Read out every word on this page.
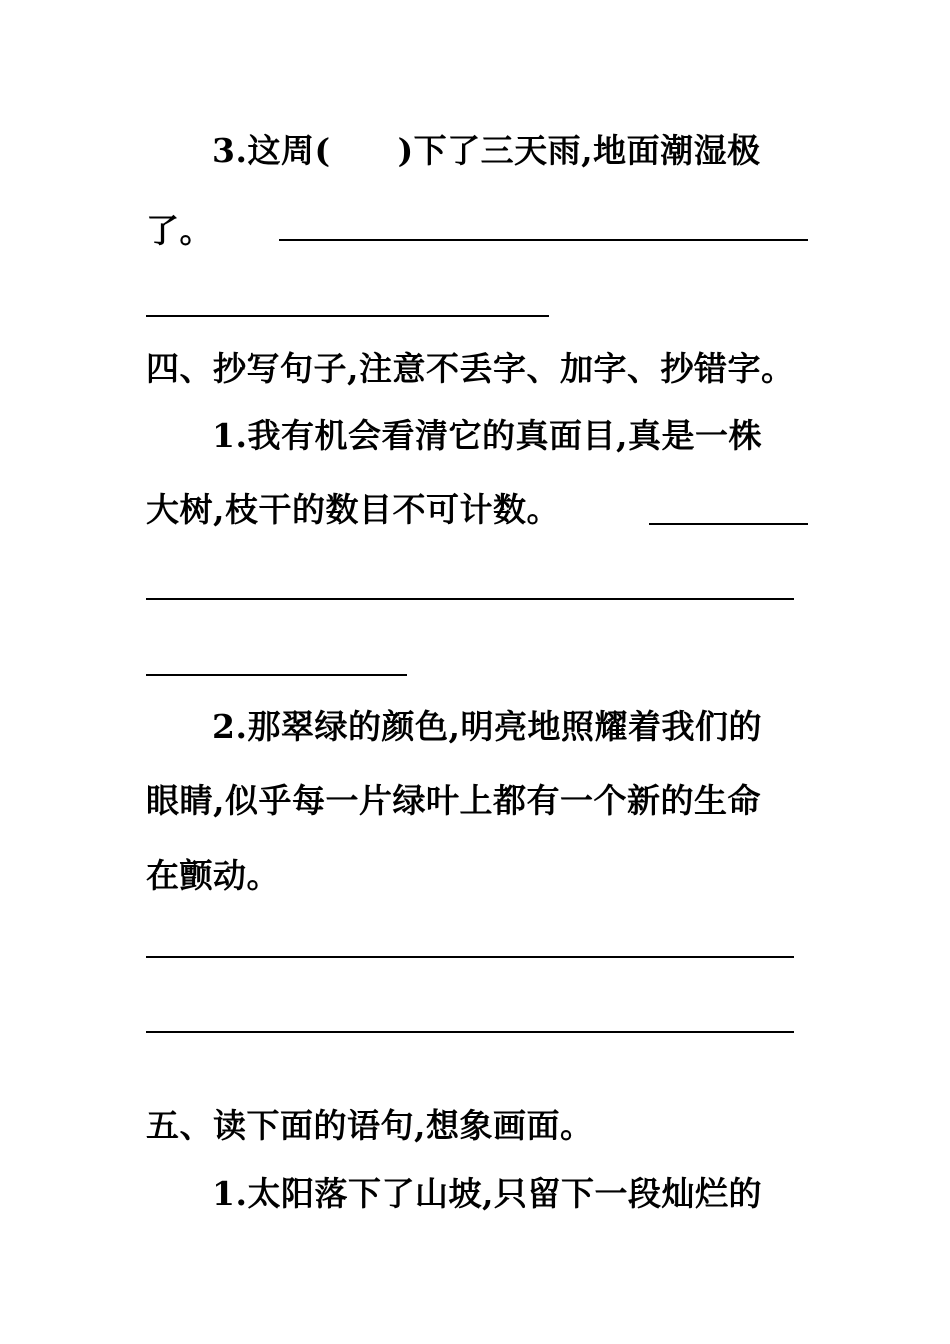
3.这周(　　)下了三天雨,地面潮湿极
了。
四、抄写句子,注意不丢字、加字、抄错字。
1.我有机会看清它的真面目,真是一株
大树,枝干的数目不可计数。
2.那翠绿的颜色,明亮地照耀着我们的
眼睛,似乎每一片绿叶上都有一个新的生命
在颤动。
五、读下面的语句,想象画面。
1.太阳落下了山坡,只留下一段灿烂的
